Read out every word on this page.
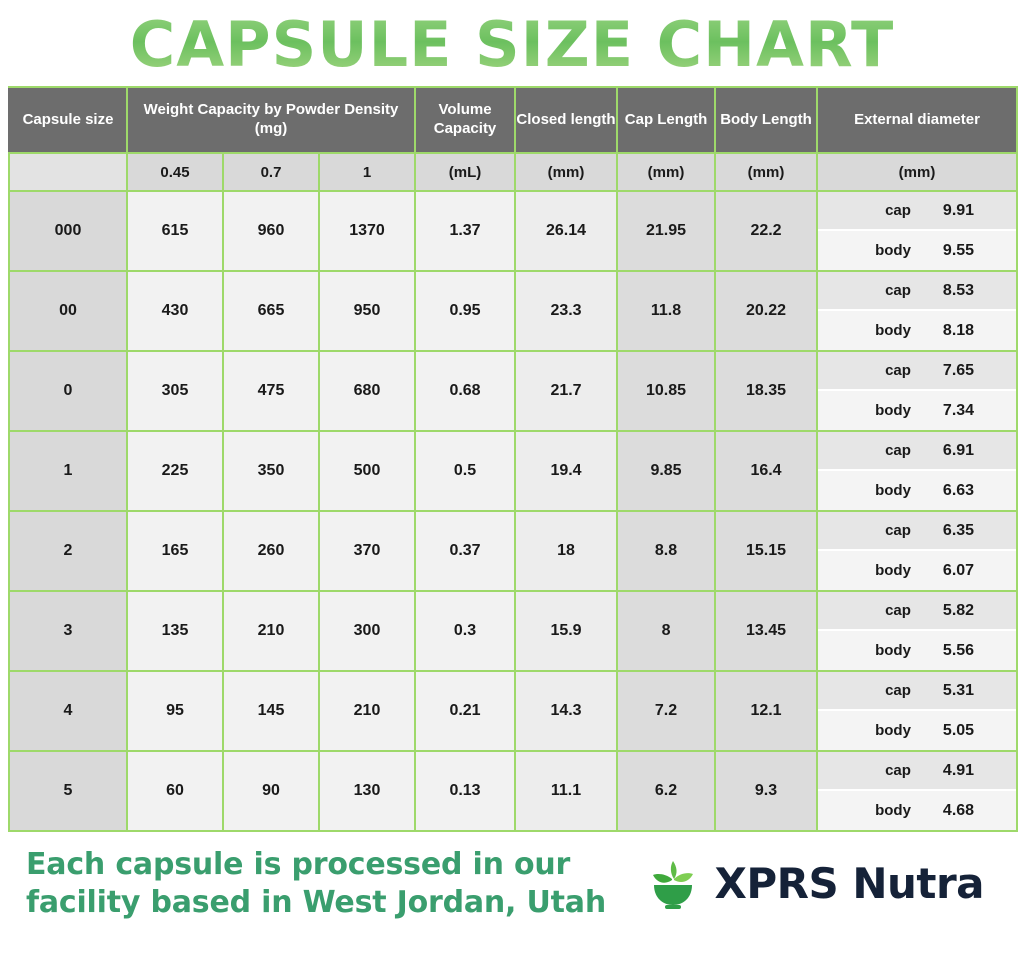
CAPSULE SIZE CHART
Capsule size	Weight Capacity by Powder Density (mg)			Volume Capacity	Closed length	Cap Length	Body Length	External diameter
	0.45	0.7	1	(mL)	(mm)	(mm)	(mm)	(mm)
000	615	960	1370	1.37	26.14	21.95	22.2	cap 9.91
body 9.55

00	430	665	950	0.95	23.3	11.8	20.22	cap 8.53
body 8.18

0	305	475	680	0.68	21.7	10.85	18.35	cap 7.65
body 7.34

1	225	350	500	0.5	19.4	9.85	16.4	cap 6.91
body 6.63

2	165	260	370	0.37	18	8.8	15.15	cap 6.35
body 6.07

3	135	210	300	0.3	15.9	8	13.45	cap 5.82
body 5.56

4	95	145	210	0.21	14.3	7.2	12.1	cap 5.31
body 5.05

5	60	90	130	0.13	11.1	6.2	9.3	cap 4.91
body 4.68
Each capsule is processed in our
facility based in West Jordan, Utah	XPRS Nutra
